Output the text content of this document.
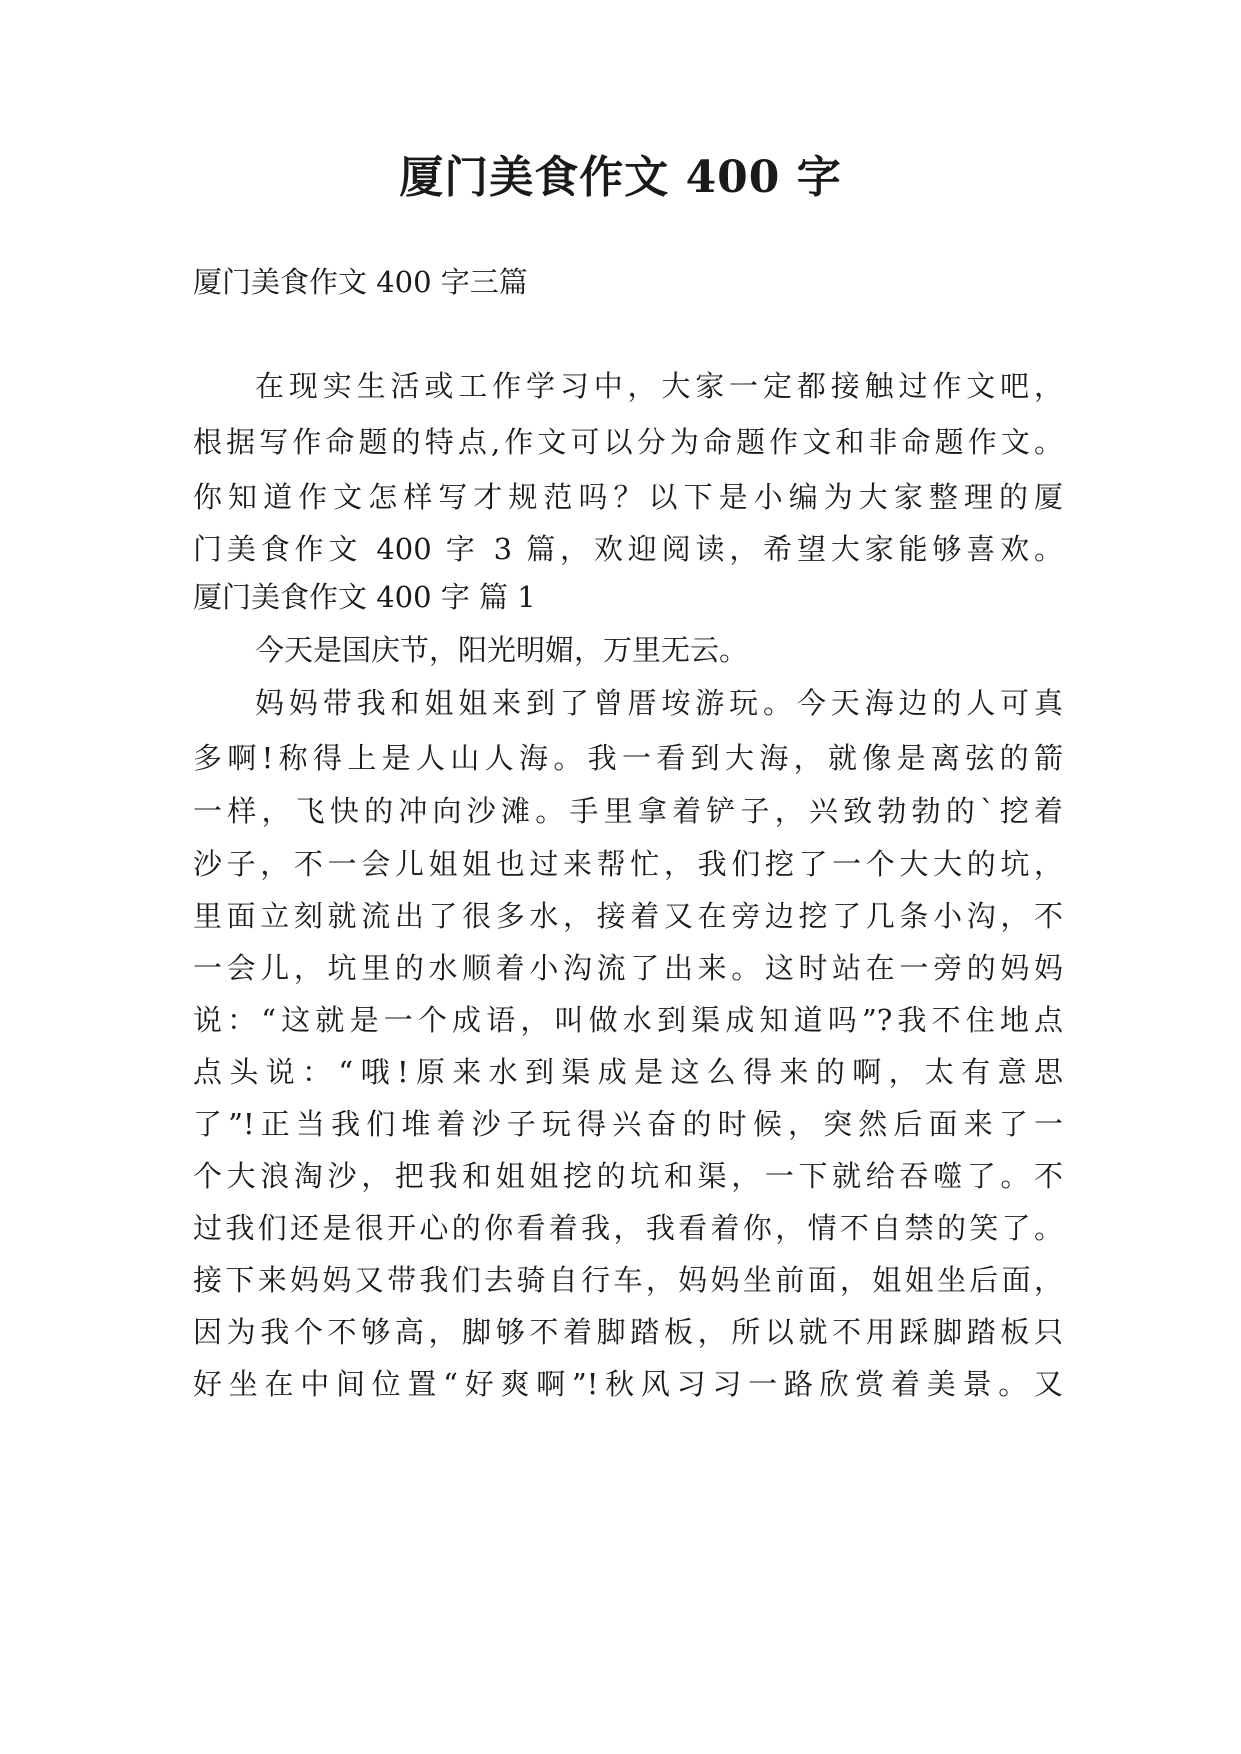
厦门美食作文 400 字
厦门美食作文 400 字三篇
在现实生活或工作学习中，大家一定都接触过作文吧，
根据写作命题的特点,作文可以分为命题作文和非命题作文。
你知道作文怎样写才规范吗？以下是小编为大家整理的厦
门美食作文 400 字 3 篇，欢迎阅读，希望大家能够喜欢。
厦门美食作文 400 字 篇 1
今天是国庆节，阳光明媚，万里无云。
妈妈带我和姐姐来到了曾厝垵游玩。今天海边的人可真
多啊!称得上是人山人海。我一看到大海，就像是离弦的箭
一样，飞快的冲向沙滩。手里拿着铲子，兴致勃勃的`挖着
沙子，不一会儿姐姐也过来帮忙，我们挖了一个大大的坑，
里面立刻就流出了很多水，接着又在旁边挖了几条小沟，不
一会儿，坑里的水顺着小沟流了出来。这时站在一旁的妈妈
说：“这就是一个成语，叫做水到渠成知道吗”?我不住地点
点头说：“哦!原来水到渠成是这么得来的啊，太有意思
了”!正当我们堆着沙子玩得兴奋的时候，突然后面来了一
个大浪淘沙，把我和姐姐挖的坑和渠，一下就给吞噬了。不
过我们还是很开心的你看着我，我看着你，情不自禁的笑了。
接下来妈妈又带我们去骑自行车，妈妈坐前面，姐姐坐后面，
因为我个不够高，脚够不着脚踏板，所以就不用踩脚踏板只
好坐在中间位置“好爽啊”!秋风习习一路欣赏着美景。又
